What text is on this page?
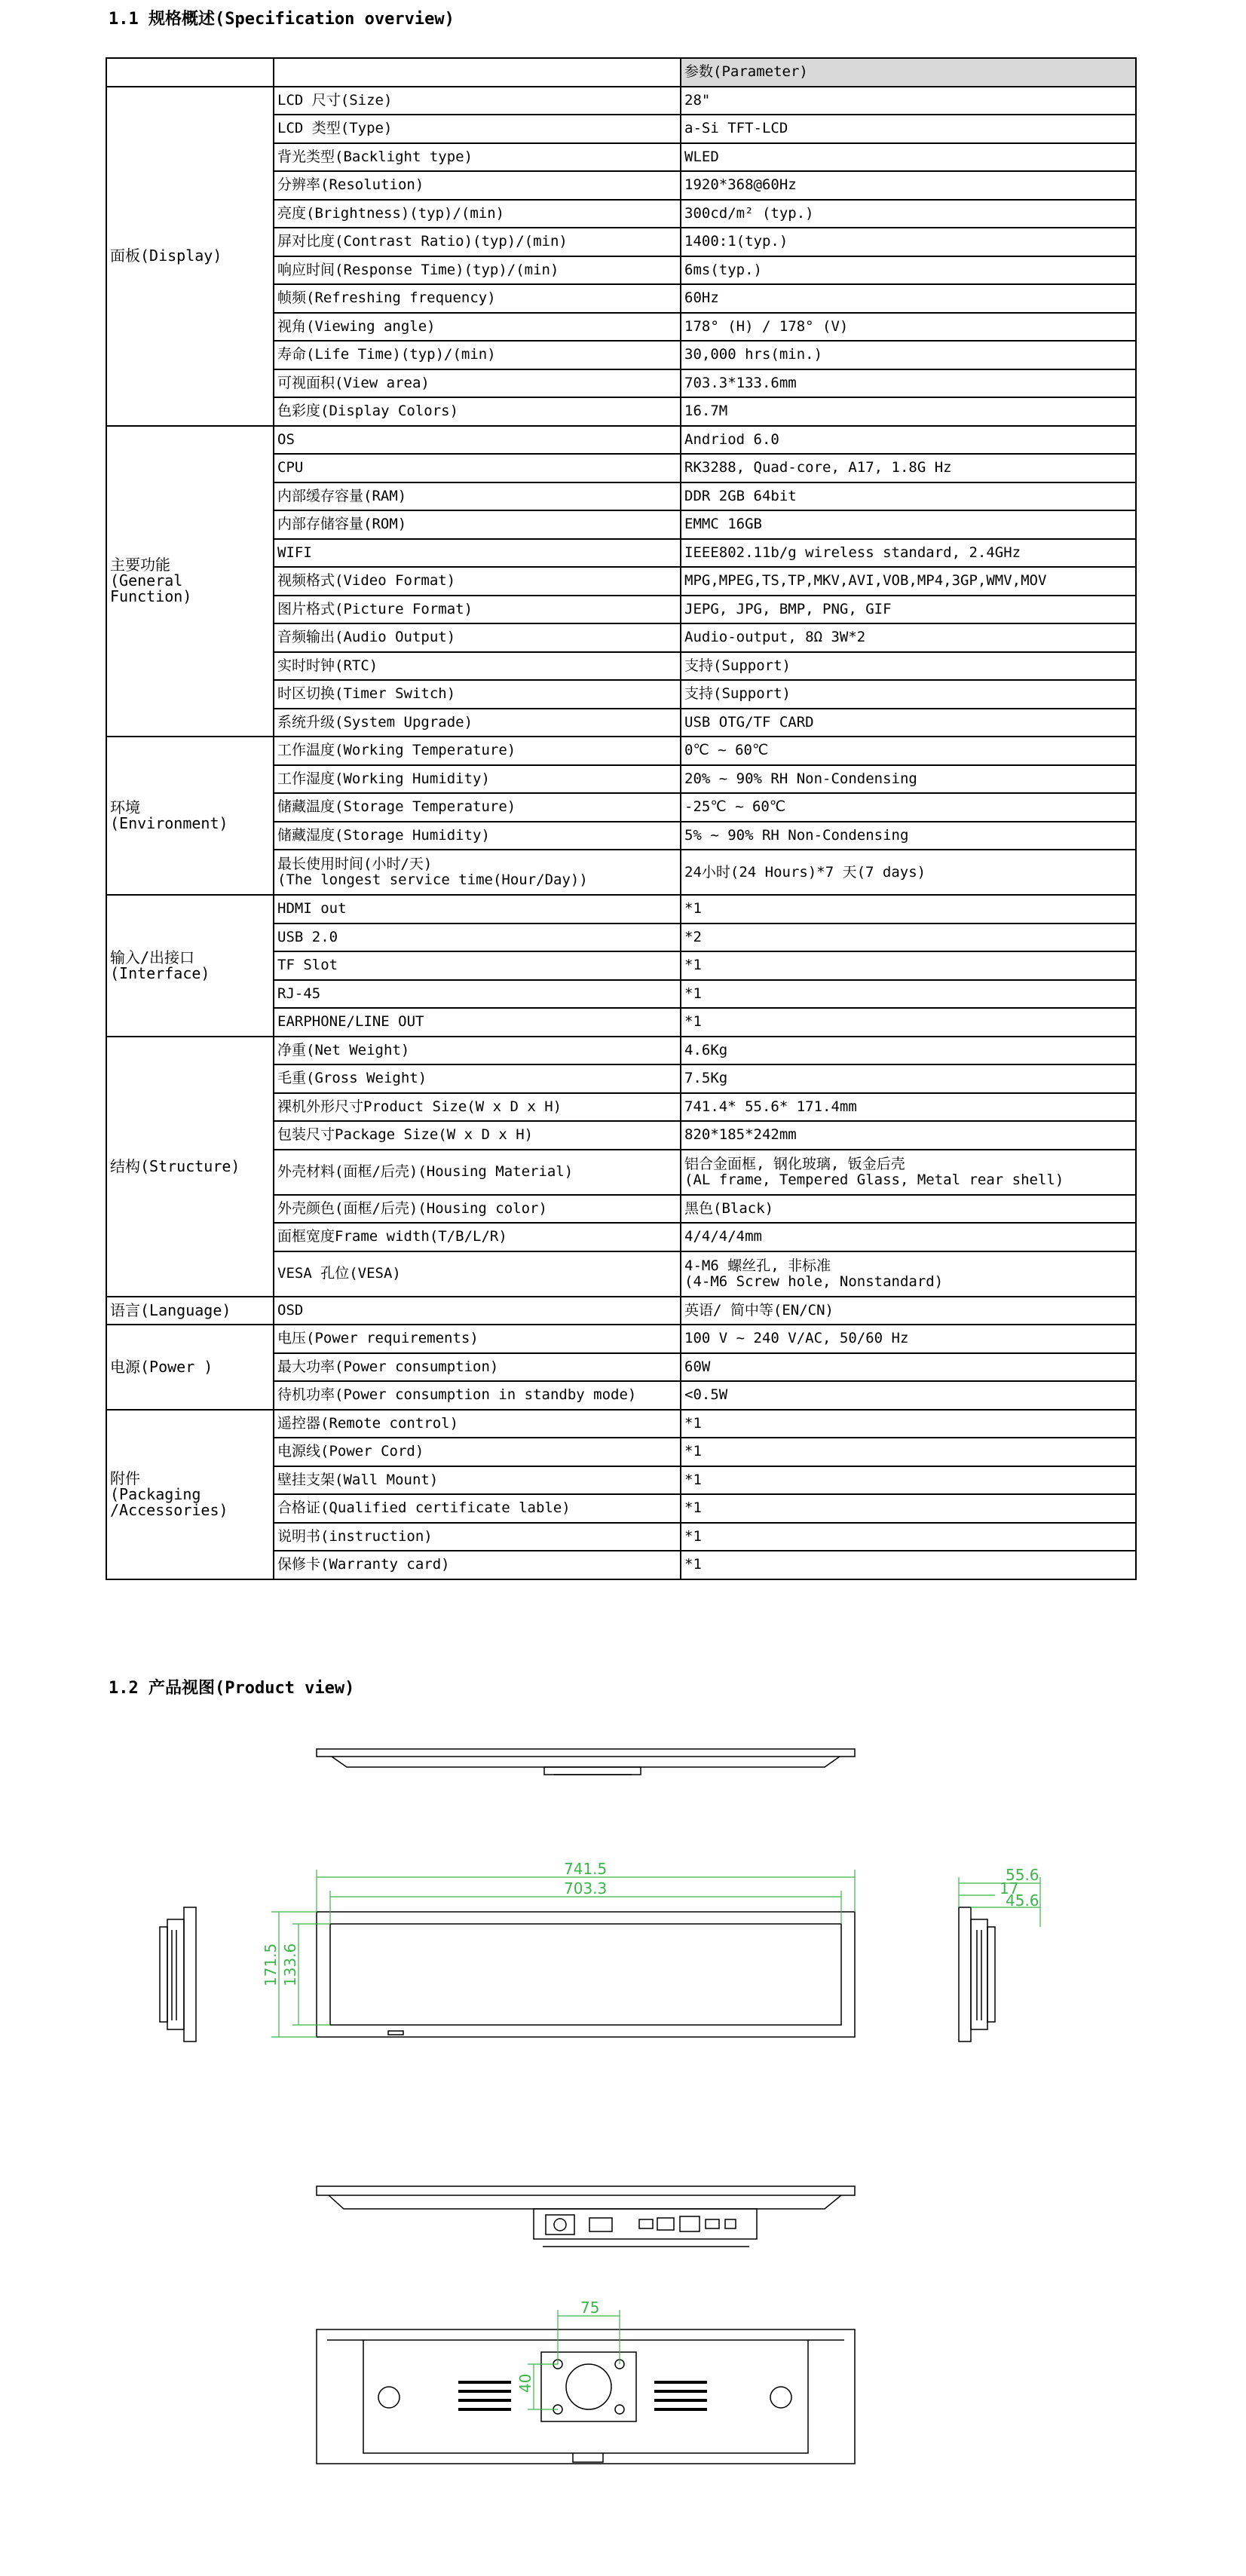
1.1 规格概述(Specification overview)
		参数(Parameter)
面板(Display)	LCD 尺寸(Size)	28"
	LCD 类型(Type)	a-Si TFT-LCD
	背光类型(Backlight type)	WLED
	分辨率(Resolution)	1920*368@60Hz
	亮度(Brightness)(typ)/(min)	300cd/m² (typ.)
	屏对比度(Contrast Ratio)(typ)/(min)	1400:1(typ.)
	响应时间(Response Time)(typ)/(min)	6ms(typ.)
	帧频(Refreshing frequency)	60Hz
	视角(Viewing angle)	178° (H) / 178° (V)
	寿命(Life Time)(typ)/(min)	30,000 hrs(min.)
	可视面积(View area)	703.3*133.6mm
	色彩度(Display Colors)	16.7M
主要功能
(General
Function)	OS	Andriod 6.0
	CPU	RK3288, Quad-core, A17, 1.8G Hz
	内部缓存容量(RAM)	DDR 2GB 64bit
	内部存储容量(ROM)	EMMC 16GB
	WIFI	IEEE802.11b/g wireless standard, 2.4GHz
	视频格式(Video Format)	MPG,MPEG,TS,TP,MKV,AVI,VOB,MP4,3GP,WMV,MOV
	图片格式(Picture Format)	JEPG, JPG, BMP, PNG, GIF
	音频输出(Audio Output)	Audio-output, 8Ω 3W*2
	实时时钟(RTC)	支持(Support)
	时区切换(Timer Switch)	支持(Support)
	系统升级(System Upgrade)	USB OTG/TF CARD
环境
(Environment)	工作温度(Working Temperature)	0℃ ~ 60℃
	工作湿度(Working Humidity)	20% ~ 90% RH Non-Condensing
	储藏温度(Storage Temperature)	-25℃ ~ 60℃
	储藏湿度(Storage Humidity)	5% ~ 90% RH Non-Condensing

	最长使用时间(小时/天)
(The longest service time(Hour/Day))	24小时(24 Hours)*7 天(7 days)
输入/出接口
(Interface)	HDMI out	*1
	USB 2.0	*2
	TF Slot	*1
	RJ-45	*1
	EARPHONE/LINE OUT	*1
结构(Structure)	净重(Net Weight)	4.6Kg
	毛重(Gross Weight)	7.5Kg
	裸机外形尺寸Product Size(W x D x H)	741.4* 55.6* 171.4mm
	包装尺寸Package Size(W x D x H)	820*185*242mm
	外壳材料(面框/后壳)(Housing Material)	铝合金面框, 钢化玻璃, 钣金后壳
(AL frame, Tempered Glass, Metal rear shell)

	外壳颜色(面框/后壳)(Housing color)	黑色(Black)
	面框宽度Frame width(T/B/L/R)	4/4/4/4mm
	VESA 孔位(VESA)	4-M6 螺丝孔, 非标准
(4-M6 Screw hole, Nonstandard)

语言(Language)	OSD	英语/ 简中等(EN/CN)
电源(Power )	电压(Power requirements)	100 V ~ 240 V/AC, 50/60 Hz
	最大功率(Power consumption)	60W
	待机功率(Power consumption in standby mode)	<0.5W
附件
(Packaging
/Accessories)	遥控器(Remote control)	*1
	电源线(Power Cord)	*1
	壁挂支架(Wall Mount)	*1
	合格证(Qualified certificate lable)	*1
	说明书(instruction)	*1
	保修卡(Warranty card)	*1
1.2 产品视图(Product view)
741.5
703.3
171.5 133.6
55.6
17
45.6
75
40
